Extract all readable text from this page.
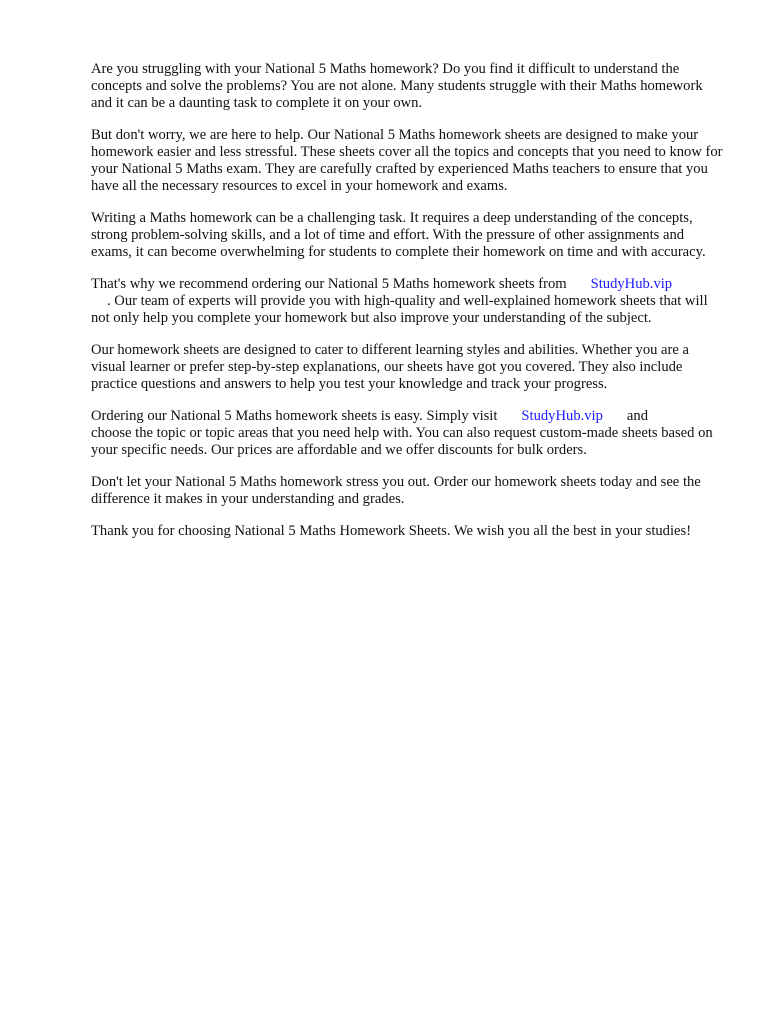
Are you struggling with your National 5 Maths homework? Do you find it difficult to understand the concepts and solve the problems? You are not alone. Many students struggle with their Maths homework and it can be a daunting task to complete it on your own.

But don't worry, we are here to help. Our National 5 Maths homework sheets are designed to make your homework easier and less stressful. These sheets cover all the topics and concepts that you need to know for your National 5 Maths exam. They are carefully crafted by experienced Maths teachers to ensure that you have all the necessary resources to excel in your homework and exams.

Writing a Maths homework can be a challenging task. It requires a deep understanding of the concepts, strong problem-solving skills, and a lot of time and effort. With the pressure of other assignments and exams, it can become overwhelming for students to complete their homework on time and with accuracy.

That's why we recommend ordering our National 5 Maths homework sheets from StudyHub.vip
. Our team of experts will provide you with high-quality and well-explained homework sheets that will not only help you complete your homework but also improve your understanding of the subject.

Our homework sheets are designed to cater to different learning styles and abilities. Whether you are a visual learner or prefer step-by-step explanations, our sheets have got you covered. They also include practice questions and answers to help you test your knowledge and track your progress.

Ordering our National 5 Maths homework sheets is easy. Simply visit StudyHub.vip and
choose the topic or topic areas that you need help with. You can also request custom-made sheets based on your specific needs. Our prices are affordable and we offer discounts for bulk orders.

Don't let your National 5 Maths homework stress you out. Order our homework sheets today and see the difference it makes in your understanding and grades.

Thank you for choosing National 5 Maths Homework Sheets. We wish you all the best in your studies!
